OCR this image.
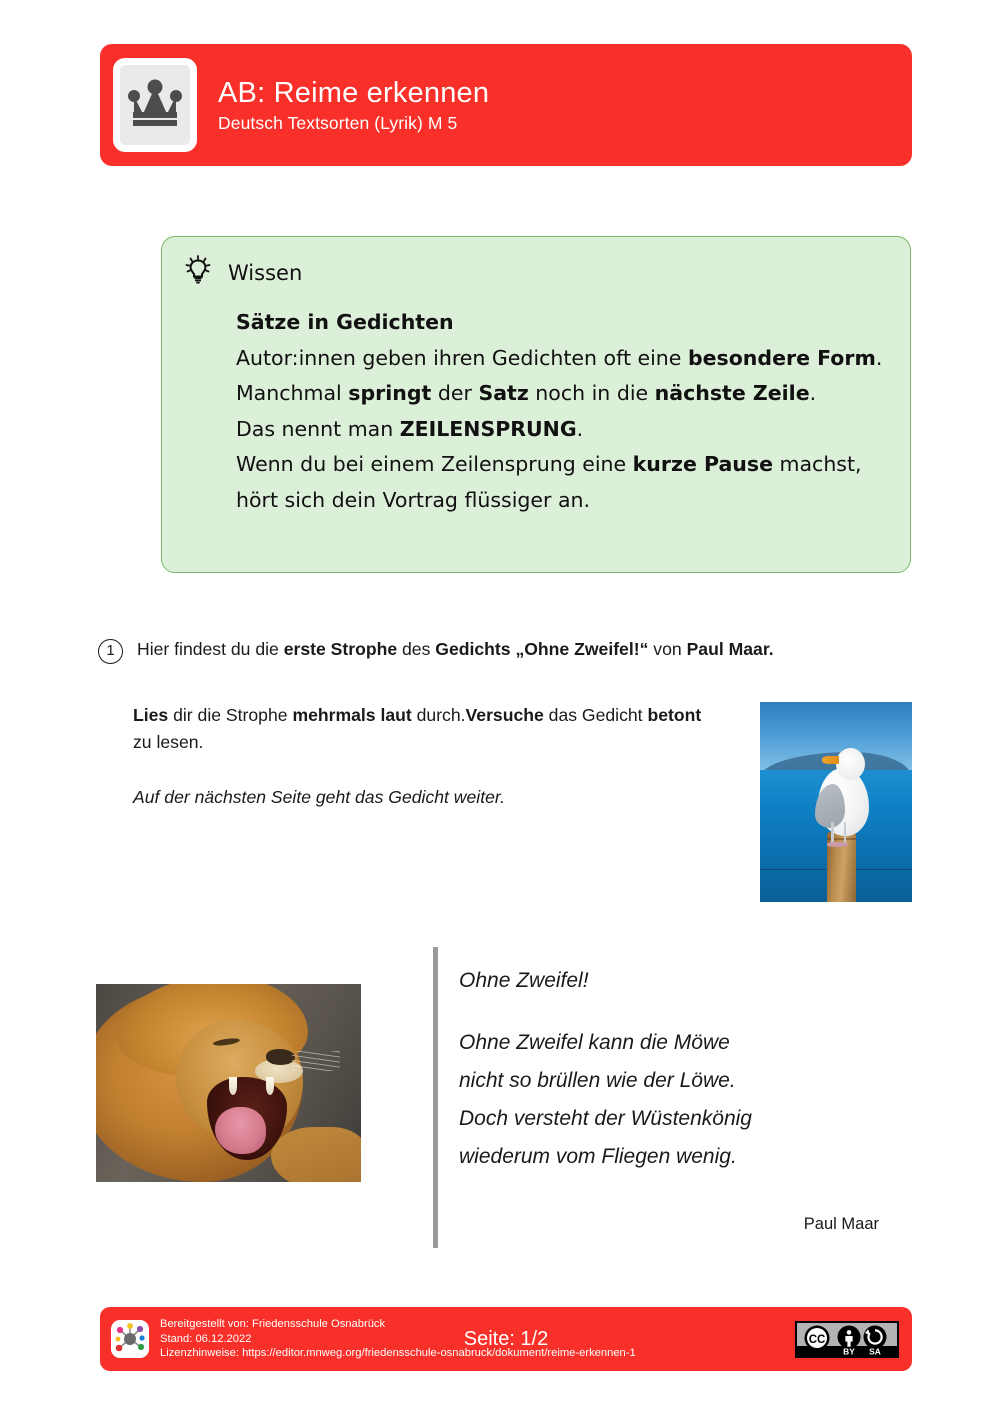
AB: Reime erkennen
Deutsch Textsorten (Lyrik) M 5
Wissen
Sätze in Gedichten
Autor:innen geben ihren Gedichten oft eine besondere Form.
Manchmal springt der Satz noch in die nächste Zeile.
Das nennt man ZEILENSPRUNG.
Wenn du bei einem Zeilensprung eine kurze Pause machst,
hört sich dein Vortrag flüssiger an.
1	Hier findest du die erste Strophe des Gedichts „Ohne Zweifel!“ von Paul Maar.
Lies dir die Strophe mehrmals laut durch.Versuche das Gedicht betont zu lesen.
Auf der nächsten Seite geht das Gedicht weiter.
Ohne Zweifel!
Ohne Zweifel kann die Möwe
nicht so brüllen wie der Löwe.
Doch versteht der Wüstenkönig
wiederum vom Fliegen wenig.
Paul Maar
Bereitgestellt von: Friedensschule Osnabrück
Stand: 06.12.2022
Lizenzhinweise: https://editor.mnweg.org/friedensschule-osnabruck/dokument/reime-erkennen-1
Seite: 1/2	CC
BY SA
